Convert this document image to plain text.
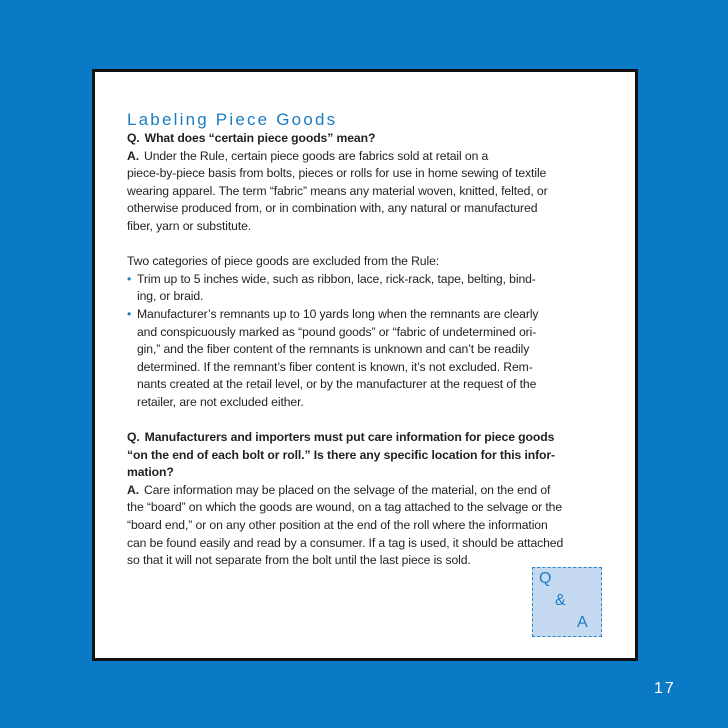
Labeling Piece Goods
Q. What does “certain piece goods” mean?
A. Under the Rule, certain piece goods are fabrics sold at retail on a
piece-by-piece basis from bolts, pieces or rolls for use in home sewing of textile
wearing apparel. The term “fabric” means any material woven, knitted, felted, or
otherwise produced from, or in combination with, any natural or manufactured
fiber, yarn or substitute.
Two categories of piece goods are excluded from the Rule:
• Trim up to 5 inches wide, such as ribbon, lace, rick-rack, tape, belting, bind-
ing, or braid.
• Manufacturer’s remnants up to 10 yards long when the remnants are clearly
and conspicuously marked as “pound goods” or “fabric of undetermined ori-
gin,” and the fiber content of the remnants is unknown and can’t be readily
determined. If the remnant’s fiber content is known, it’s not excluded. Rem-
nants created at the retail level, or by the manufacturer at the request of the
retailer, are not excluded either.
Q. Manufacturers and importers must put care information for piece goods
“on the end of each bolt or roll.” Is there any specific location for this infor-
mation?
A. Care information may be placed on the selvage of the material, on the end of
the “board” on which the goods are wound, on a tag attached to the selvage or the
“board end,” or on any other position at the end of the roll where the information
can be found easily and read by a consumer. If a tag is used, it should be attached
so that it will not separate from the bolt until the last piece is sold.
Q
&
A
17
